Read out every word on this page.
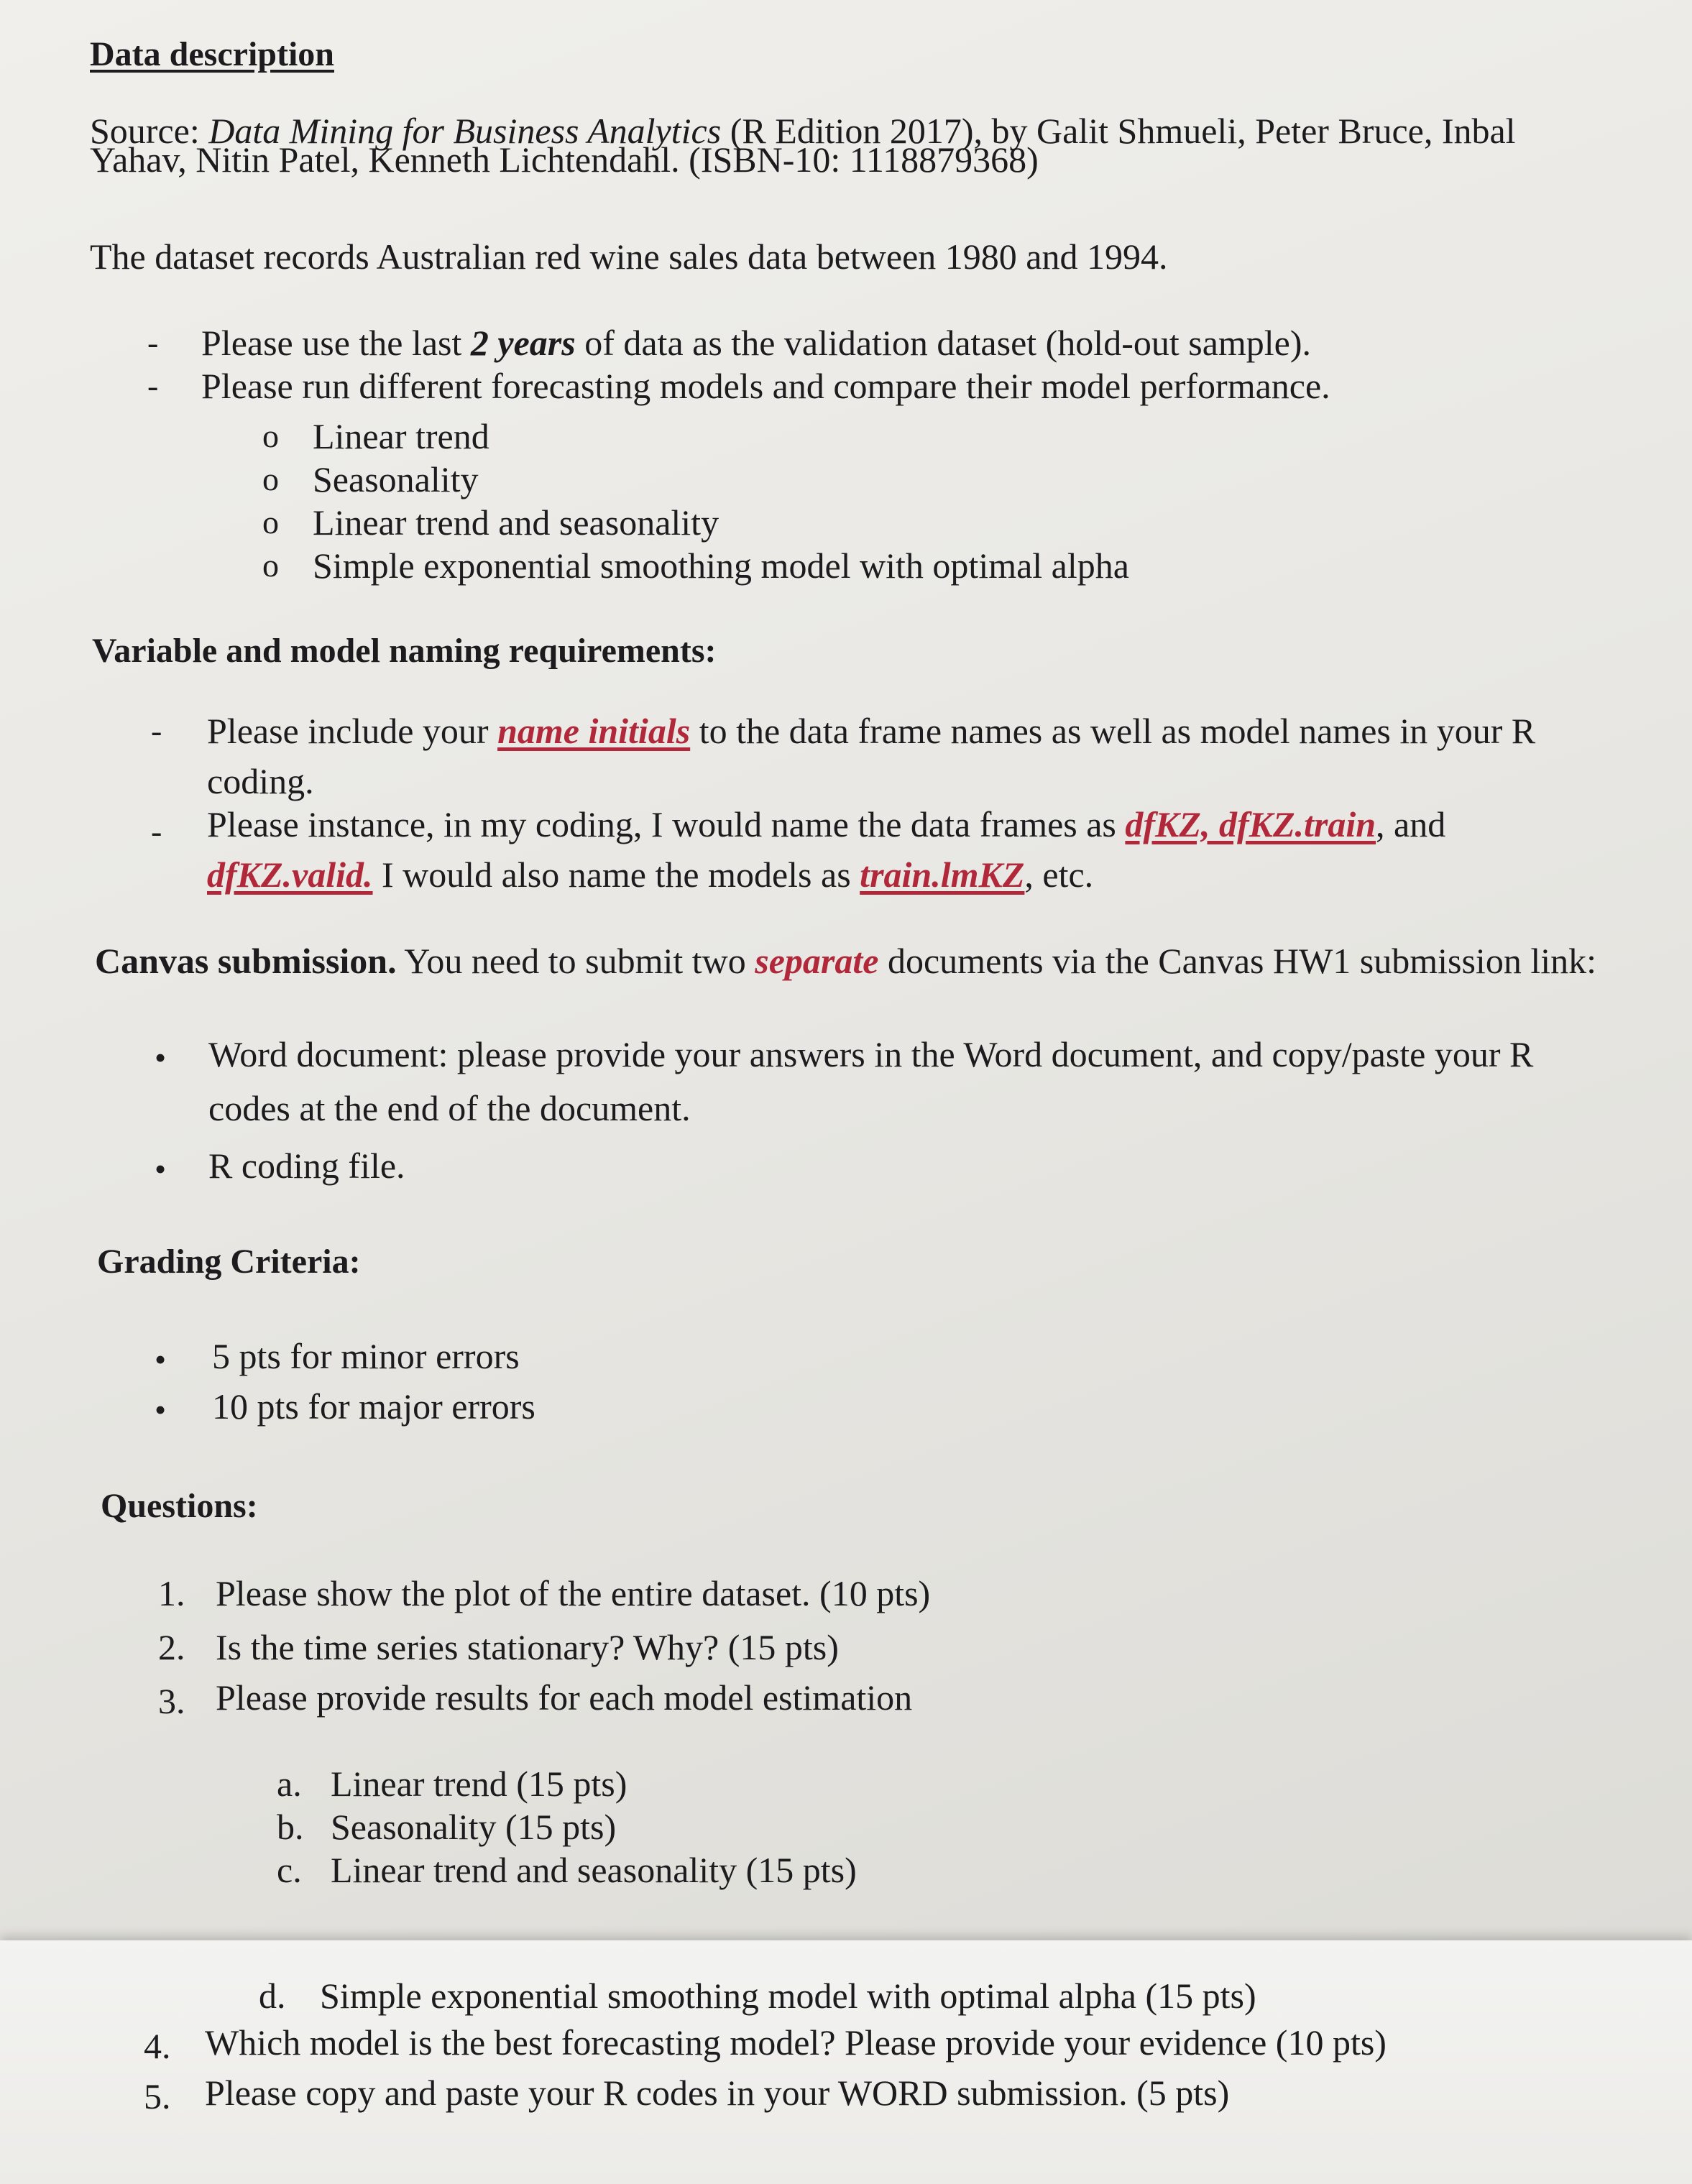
Data description
Source: Data Mining for Business Analytics (R Edition 2017), by Galit Shmueli, Peter Bruce, Inbal
Yahav, Nitin Patel, Kenneth Lichtendahl. (ISBN-10: 1118879368)
The dataset records Australian red wine sales data between 1980 and 1994.
- Please use the last 2 years of data as the validation dataset (hold-out sample).
- Please run different forecasting models and compare their model performance.
o Linear trend
o Seasonality
o Linear trend and seasonality
o Simple exponential smoothing model with optimal alpha
Variable and model naming requirements:
- Please include your name initials to the data frame names as well as model names in your R
coding.
- Please instance, in my coding, I would name the data frames as dfKZ, dfKZ.train, and
dfKZ.valid. I would also name the models as train.lmKZ, etc.
Canvas submission. You need to submit two separate documents via the Canvas HW1 submission link:
• Word document: please provide your answers in the Word document, and copy/paste your R
codes at the end of the document.
• R coding file.
Grading Criteria:
• 5 pts for minor errors
• 10 pts for major errors
Questions:
1. Please show the plot of the entire dataset. (10 pts)
2. Is the time series stationary? Why? (15 pts)
3. Please provide results for each model estimation
a. Linear trend (15 pts)
b. Seasonality (15 pts)
c. Linear trend and seasonality (15 pts)
d. Simple exponential smoothing model with optimal alpha (15 pts)
4. Which model is the best forecasting model? Please provide your evidence (10 pts)
5. Please copy and paste your R codes in your WORD submission. (5 pts)
